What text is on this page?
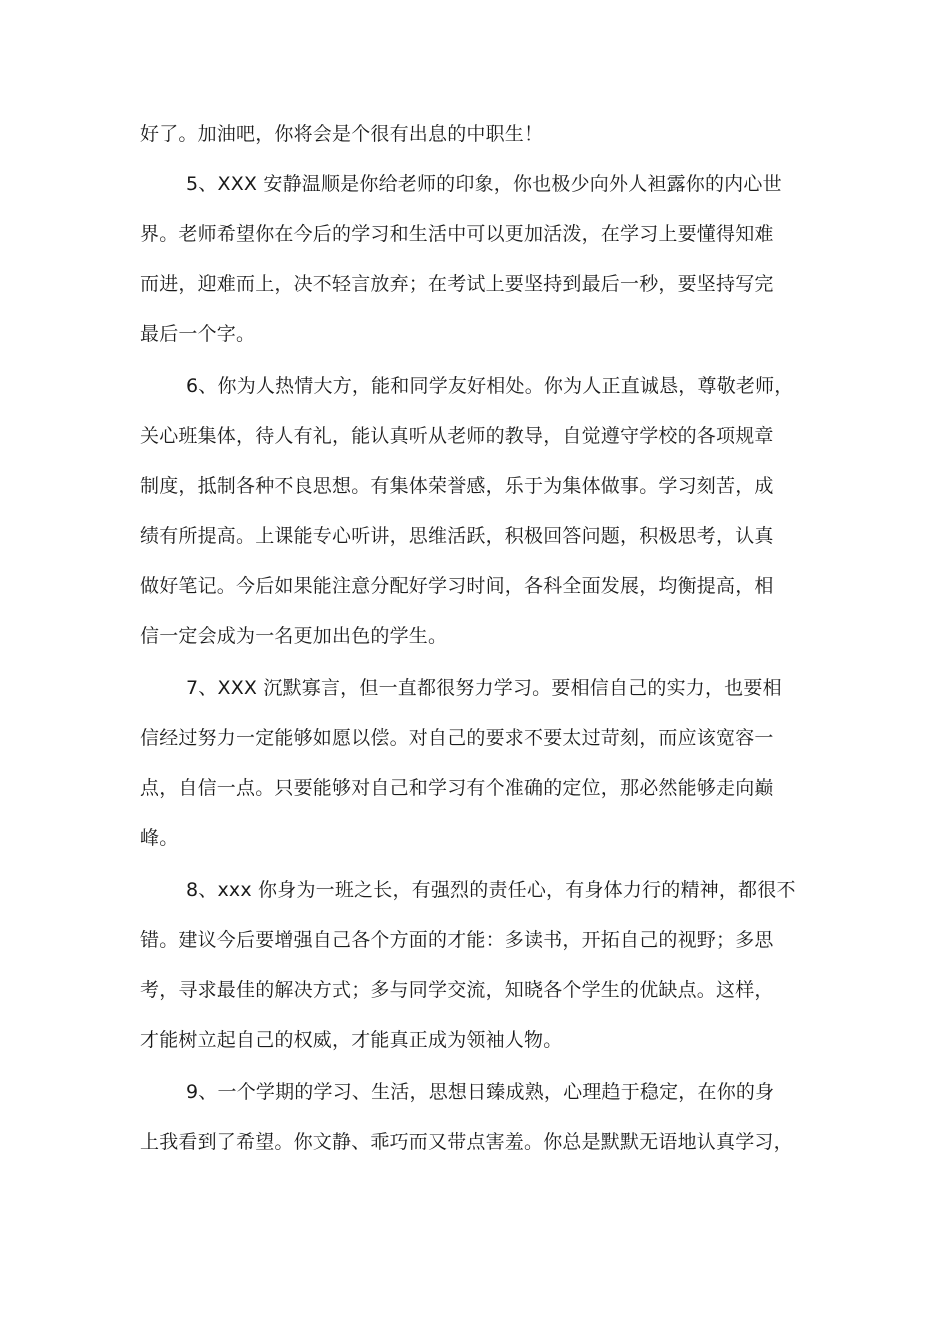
好了。加油吧，你将会是个很有出息的中职生！
5、XXX 安静温顺是你给老师的印象，你也极少向外人袒露你的内心世
界。老师希望你在今后的学习和生活中可以更加活泼，在学习上要懂得知难
而进，迎难而上，决不轻言放弃；在考试上要坚持到最后一秒，要坚持写完
最后一个字。
6、你为人热情大方，能和同学友好相处。你为人正直诚恳，尊敬老师，
关心班集体，待人有礼，能认真听从老师的教导，自觉遵守学校的各项规章
制度，抵制各种不良思想。有集体荣誉感，乐于为集体做事。学习刻苦，成
绩有所提高。上课能专心听讲，思维活跃，积极回答问题，积极思考，认真
做好笔记。今后如果能注意分配好学习时间，各科全面发展，均衡提高，相
信一定会成为一名更加出色的学生。
7、XXX 沉默寡言，但一直都很努力学习。要相信自己的实力，也要相
信经过努力一定能够如愿以偿。对自己的要求不要太过苛刻，而应该宽容一
点，自信一点。只要能够对自己和学习有个准确的定位，那必然能够走向巅
峰。
8、xxx 你身为一班之长，有强烈的责任心，有身体力行的精神，都很不
错。建议今后要增强自己各个方面的才能：多读书，开拓自己的视野；多思
考，寻求最佳的解决方式；多与同学交流，知晓各个学生的优缺点。这样，
才能树立起自己的权威，才能真正成为领袖人物。
9、一个学期的学习、生活，思想日臻成熟，心理趋于稳定，在你的身
上我看到了希望。你文静、乖巧而又带点害羞。你总是默默无语地认真学习，
